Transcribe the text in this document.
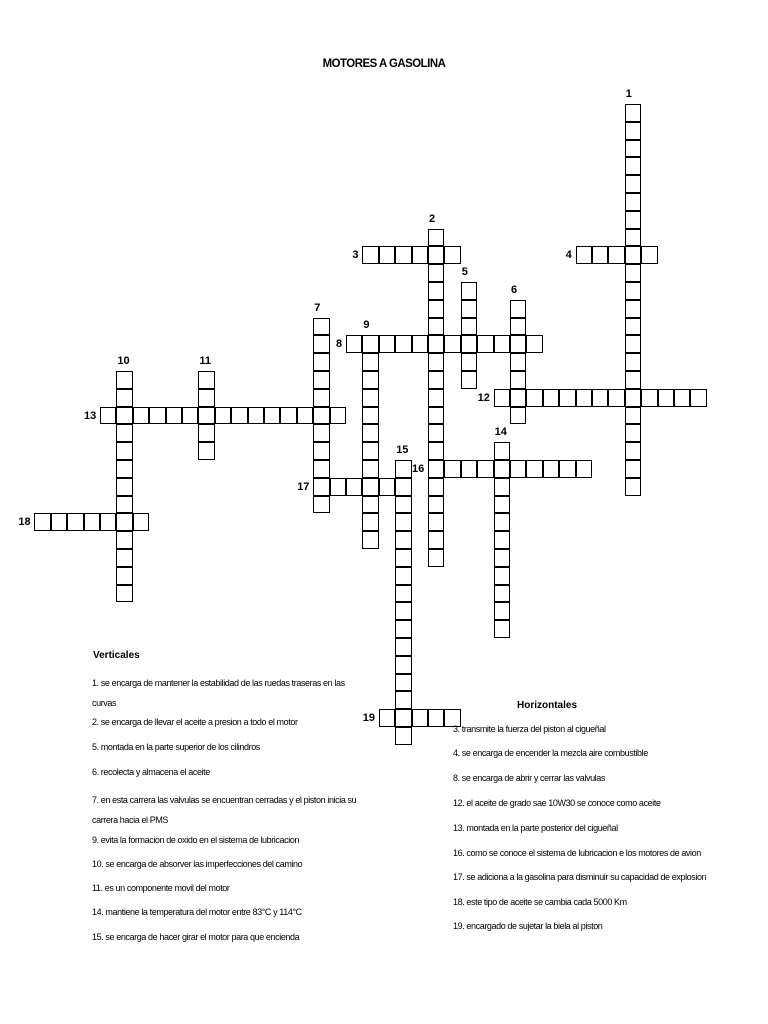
MOTORES A GASOLINA
1
2
3	4
5
6
7
8
9
10	11
12
13
14
15
16
17
18
19
Verticales
1. se encarga de mantener la estabilidad de las ruedas traseras en las curvas
2. se encarga de llevar el aceite a presion a todo el motor
5. montada en la parte superior de los cilindros
6. recolecta y almacena el aceite
7. en esta carrera las valvulas se encuentran cerradas y el piston inicia su carrera hacia el PMS
9. evita la formacion de oxido en el sistema de lubricacion
10. se encarga de absorver las imperfecciones del camino
11. es un componente movil del motor
14. mantiene la temperatura del motor entre 83°C y 114°C
15. se encarga de hacer girar el motor para que encienda
Horizontales
3. transmite la fuerza del piston al cigueñal
4. se encarga de encender la mezcla aire combustible
8. se encarga de abrir y cerrar las valvulas
12. el aceite de grado sae 10W30 se conoce como aceite
13. montada en la parte posterior del cigueñal
16. como se conoce el sistema de lubricacion e los motores de avion
17. se adiciona a la gasolina para disminuir su capacidad de explosion
18. este tipo de aceite se cambia cada 5000 Km
19. encargado de sujetar la biela al piston
